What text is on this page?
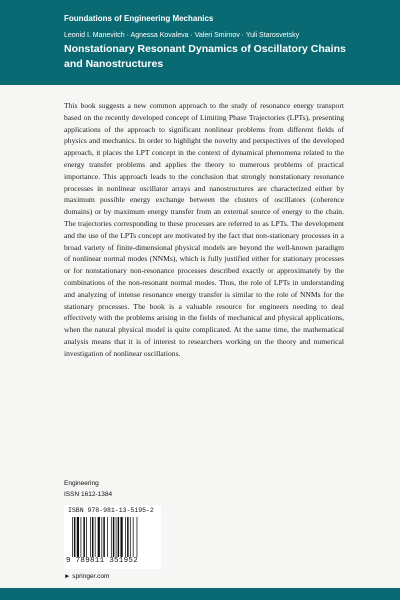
Foundations of Engineering Mechanics
Leonid I. Manevitch · Agnessa Kovaleva · Valeri Smirnov · Yuli Starosvetsky
Nonstationary Resonant Dynamics of Oscillatory Chains and Nanostructures
This book suggests a new common approach to the study of resonance energy transport based on the recently developed concept of Limiting Phase Trajectories (LPTs), presenting applications of the approach to significant nonlinear problems from different fields of physics and mechanics. In order to highlight the novelty and perspectives of the developed approach, it places the LPT concept in the context of dynamical phenomena related to the energy transfer problems and applies the theory to numerous problems of practical importance. This approach leads to the conclusion that strongly nonstationary resonance processes in nonlinear oscillator arrays and nanostructures are characterized either by maximum possible energy exchange between the clusters of oscillators (coherence domains) or by maximum energy transfer from an external source of energy to the chain. The trajectories corresponding to these processes are referred to as LPTs. The development and the use of the LPTs concept are motivated by the fact that non-stationary processes in a broad variety of finite-dimensional physical models are beyond the well-known paradigm of nonlinear normal modes (NNMs), which is fully justified either for stationary processes or for nonstationary non-resonance processes described exactly or approximately by the combinations of the non-resonant normal modes. Thus, the role of LPTs in understanding and analyzing of intense resonance energy transfer is similar to the role of NNMs for the stationary processes. The book is a valuable resource for engineers needing to deal effectively with the problems arising in the fields of mechanical and physical applications, when the natural physical model is quite complicated. At the same time, the mathematical analysis means that it is of interest to researchers working on the theory and numerical investigation of nonlinear oscillations.
Engineering
ISSN 1612-1384
ISBN 978-981-13-5195-2
9 789811 351952
► springer.com
